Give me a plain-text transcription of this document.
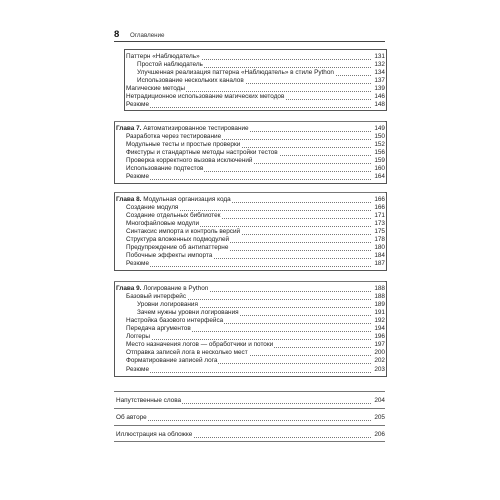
8 Оглавление
Паттерн «Наблюдатель»	131
Простой наблюдатель	132
Улучшенная реализация паттерна «Наблюдатель» в стиле Python	134
Использование нескольких каналов	137
Магические методы	139
Нетрадиционное использование магических методов	146
Резюме	148
Глава 7. Автоматизированное тестирование	149
Разработка через тестирование	150
Модульные тесты и простые проверки	152
Фикстуры и стандартные методы настройки тестов	156
Проверка корректного вызова исключений	159
Использование подтестов	160
Резюме	164
Глава 8. Модульная организация кода	166
Создание модуля	166
Создание отдельных библиотек	171
Многофайловые модули	173
Синтаксис импорта и контроль версий	175
Структура вложенных подмодулей	178
Предупреждение об антипаттерне	180
Побочные эффекты импорта	184
Резюме	187
Глава 9. Логирование в Python	188
Базовый интерфейс	188
Уровни логирования	189
Зачем нужны уровни логирования	191
Настройка базового интерфейса	192
Передача аргументов	194
Логгеры	196
Место назначения логов — обработчики и потоки	197
Отправка записей лога в несколько мест	200
Форматирование записей лога	202
Резюме	203
Напутственные слова	204
Об авторе	205
Иллюстрация на обложке	206
